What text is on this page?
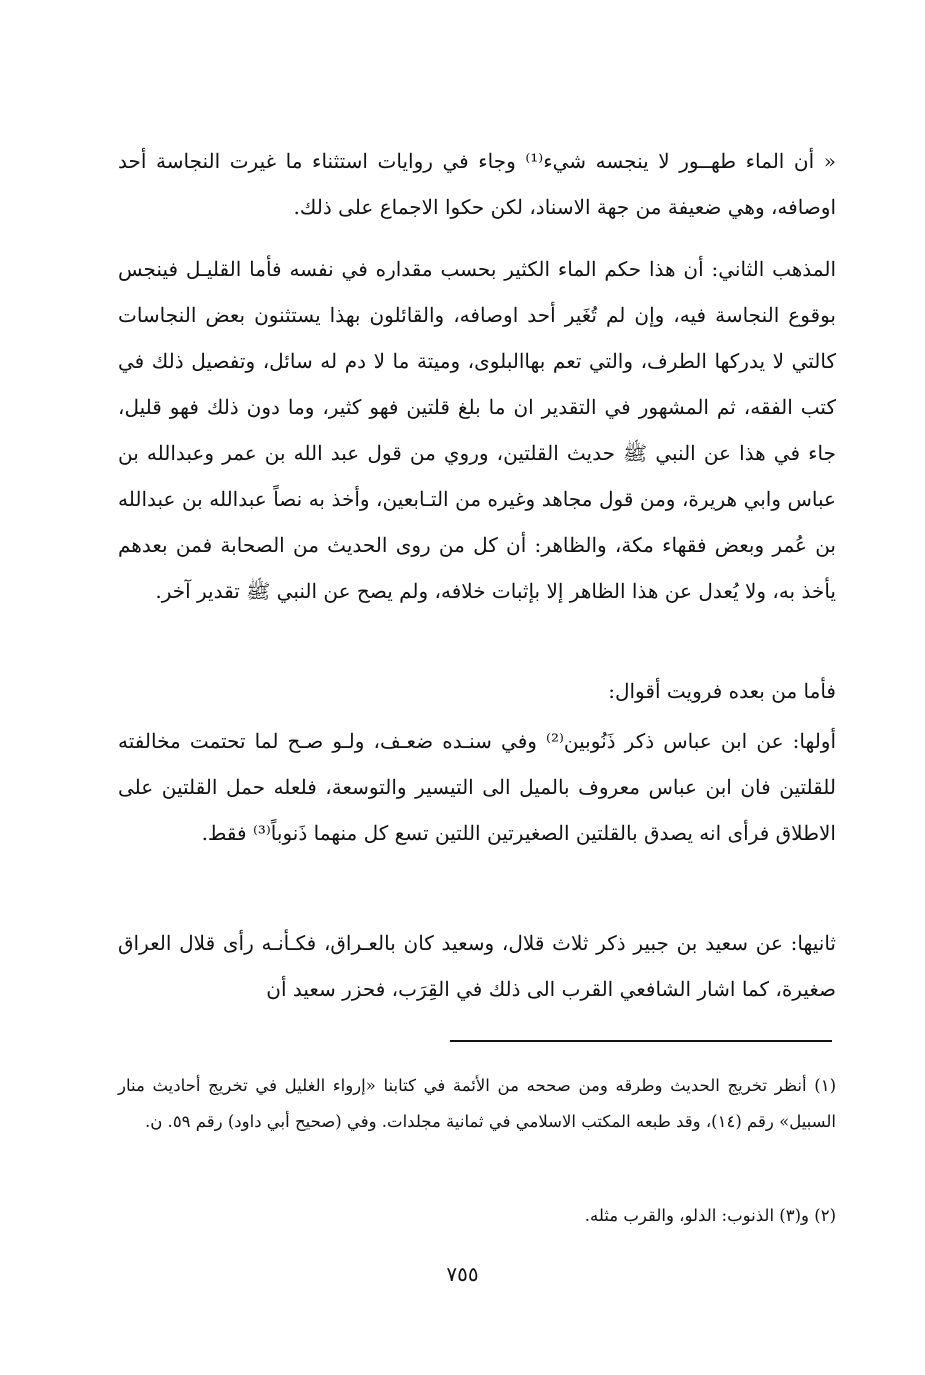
« أن الماء طهــور لا ينجسه شيء⁽¹⁾ وجاء في روايات استثناء ما غيرت النجاسة أحد اوصافه، وهي ضعيفة من جهة الاسناد، لكن حكوا الاجماع على ذلك.

المذهب الثاني: أن هذا حكم الماء الكثير بحسب مقداره في نفسه فأما القليـل فينجس بوقوع النجاسة فيه، وإن لم تُغَير أحد اوصافه، والقائلون بهذا يستثنون بعض النجاسات كالتي لا يدركها الطرف، والتي تعم بهاالبلوى، وميتة ما لا دم له سائل، وتفصيل ذلك في كتب الفقه، ثم المشهور في التقدير ان ما بلغ قلتين فهو كثير، وما دون ذلك فهو قليل، جاء في هذا عن النبي ﷺ حديث القلتين، وروي من قول عبد الله بن عمر وعبدالله بن عباس وابي هريرة، ومن قول مجاهد وغيره من التـابعين، وأخذ به نصاً عبدالله بن عبدالله بن عُمر وبعض فقهاء مكة، والظاهر: أن كل من روى الحديث من الصحابة فمن بعدهم يأخذ به، ولا يُعدل عن هذا الظاهر إلا بإثبات خلافه، ولم يصح عن النبي ﷺ تقدير آخر.

فأما من بعده فرويت أقوال:

أولها: عن ابن عباس ذكر ذَنُوبين⁽²⁾ وفي سنـده ضعـف، ولـو صـح لما تحتمت مخالفته للقلتين فان ابن عباس معروف بالميل الى التيسير والتوسعة، فلعله حمل القلتين على الاطلاق فرأى انه يصدق بالقلتين الصغيرتين اللتين تسع كل منهما ذَنوباً⁽³⁾ فقط.

ثانيها: عن سعيد بن جبير ذكر ثلاث قلال، وسعيد كان بالعـراق، فكـأنـه رأى قلال العراق صغيرة، كما اشار الشافعي القرب الى ذلك في القِرَب، فحزر سعيد أن

(١) أنظر تخريج الحديث وطرقه ومن صححه من الأئمة في كتابنا «إرواء الغليل في تخريج أحاديث منار السبيل» رقم (١٤)، وقد طبعه المكتب الاسلامي في ثمانية مجلدات. وفي (صحيح أبي داود) رقم ٥٩. ن.

(٢) و(٣) الذنوب: الدلو، والقرب مثله.

٧٥٥
